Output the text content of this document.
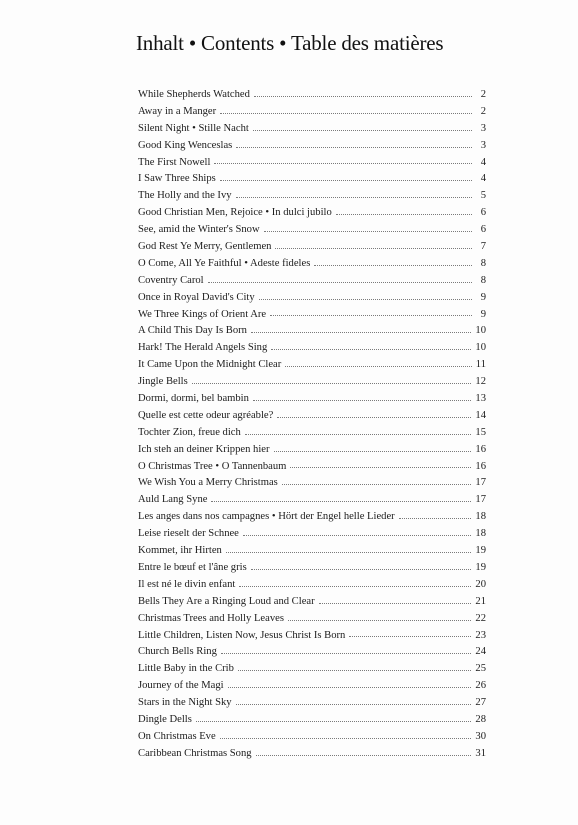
Inhalt • Contents • Table des matières
While Shepherds Watched	2
Away in a Manger	2
Silent Night • Stille Nacht	3
Good King Wenceslas	3
The First Nowell	4
I Saw Three Ships	4
The Holly and the Ivy	5
Good Christian Men, Rejoice • In dulci jubilo	6
See, amid the Winter's Snow	6
God Rest Ye Merry, Gentlemen	7
O Come, All Ye Faithful • Adeste fideles	8
Coventry Carol	8
Once in Royal David's City	9
We Three Kings of Orient Are	9
A Child This Day Is Born	10
Hark! The Herald Angels Sing	10
It Came Upon the Midnight Clear	11
Jingle Bells	12
Dormi, dormi, bel bambin	13
Quelle est cette odeur agréable?	14
Tochter Zion, freue dich	15
Ich steh an deiner Krippen hier	16
O Christmas Tree • O Tannenbaum	16
We Wish You a Merry Christmas	17
Auld Lang Syne	17
Les anges dans nos campagnes • Hört der Engel helle Lieder	18
Leise rieselt der Schnee	18
Kommet, ihr Hirten	19
Entre le bœuf et l'âne gris	19
Il est né le divin enfant	20
Bells They Are a Ringing Loud and Clear	21
Christmas Trees and Holly Leaves	22
Little Children, Listen Now, Jesus Christ Is Born	23
Church Bells Ring	24
Little Baby in the Crib	25
Journey of the Magi	26
Stars in the Night Sky	27
Dingle Dells	28
On Christmas Eve	30
Caribbean Christmas Song	31
